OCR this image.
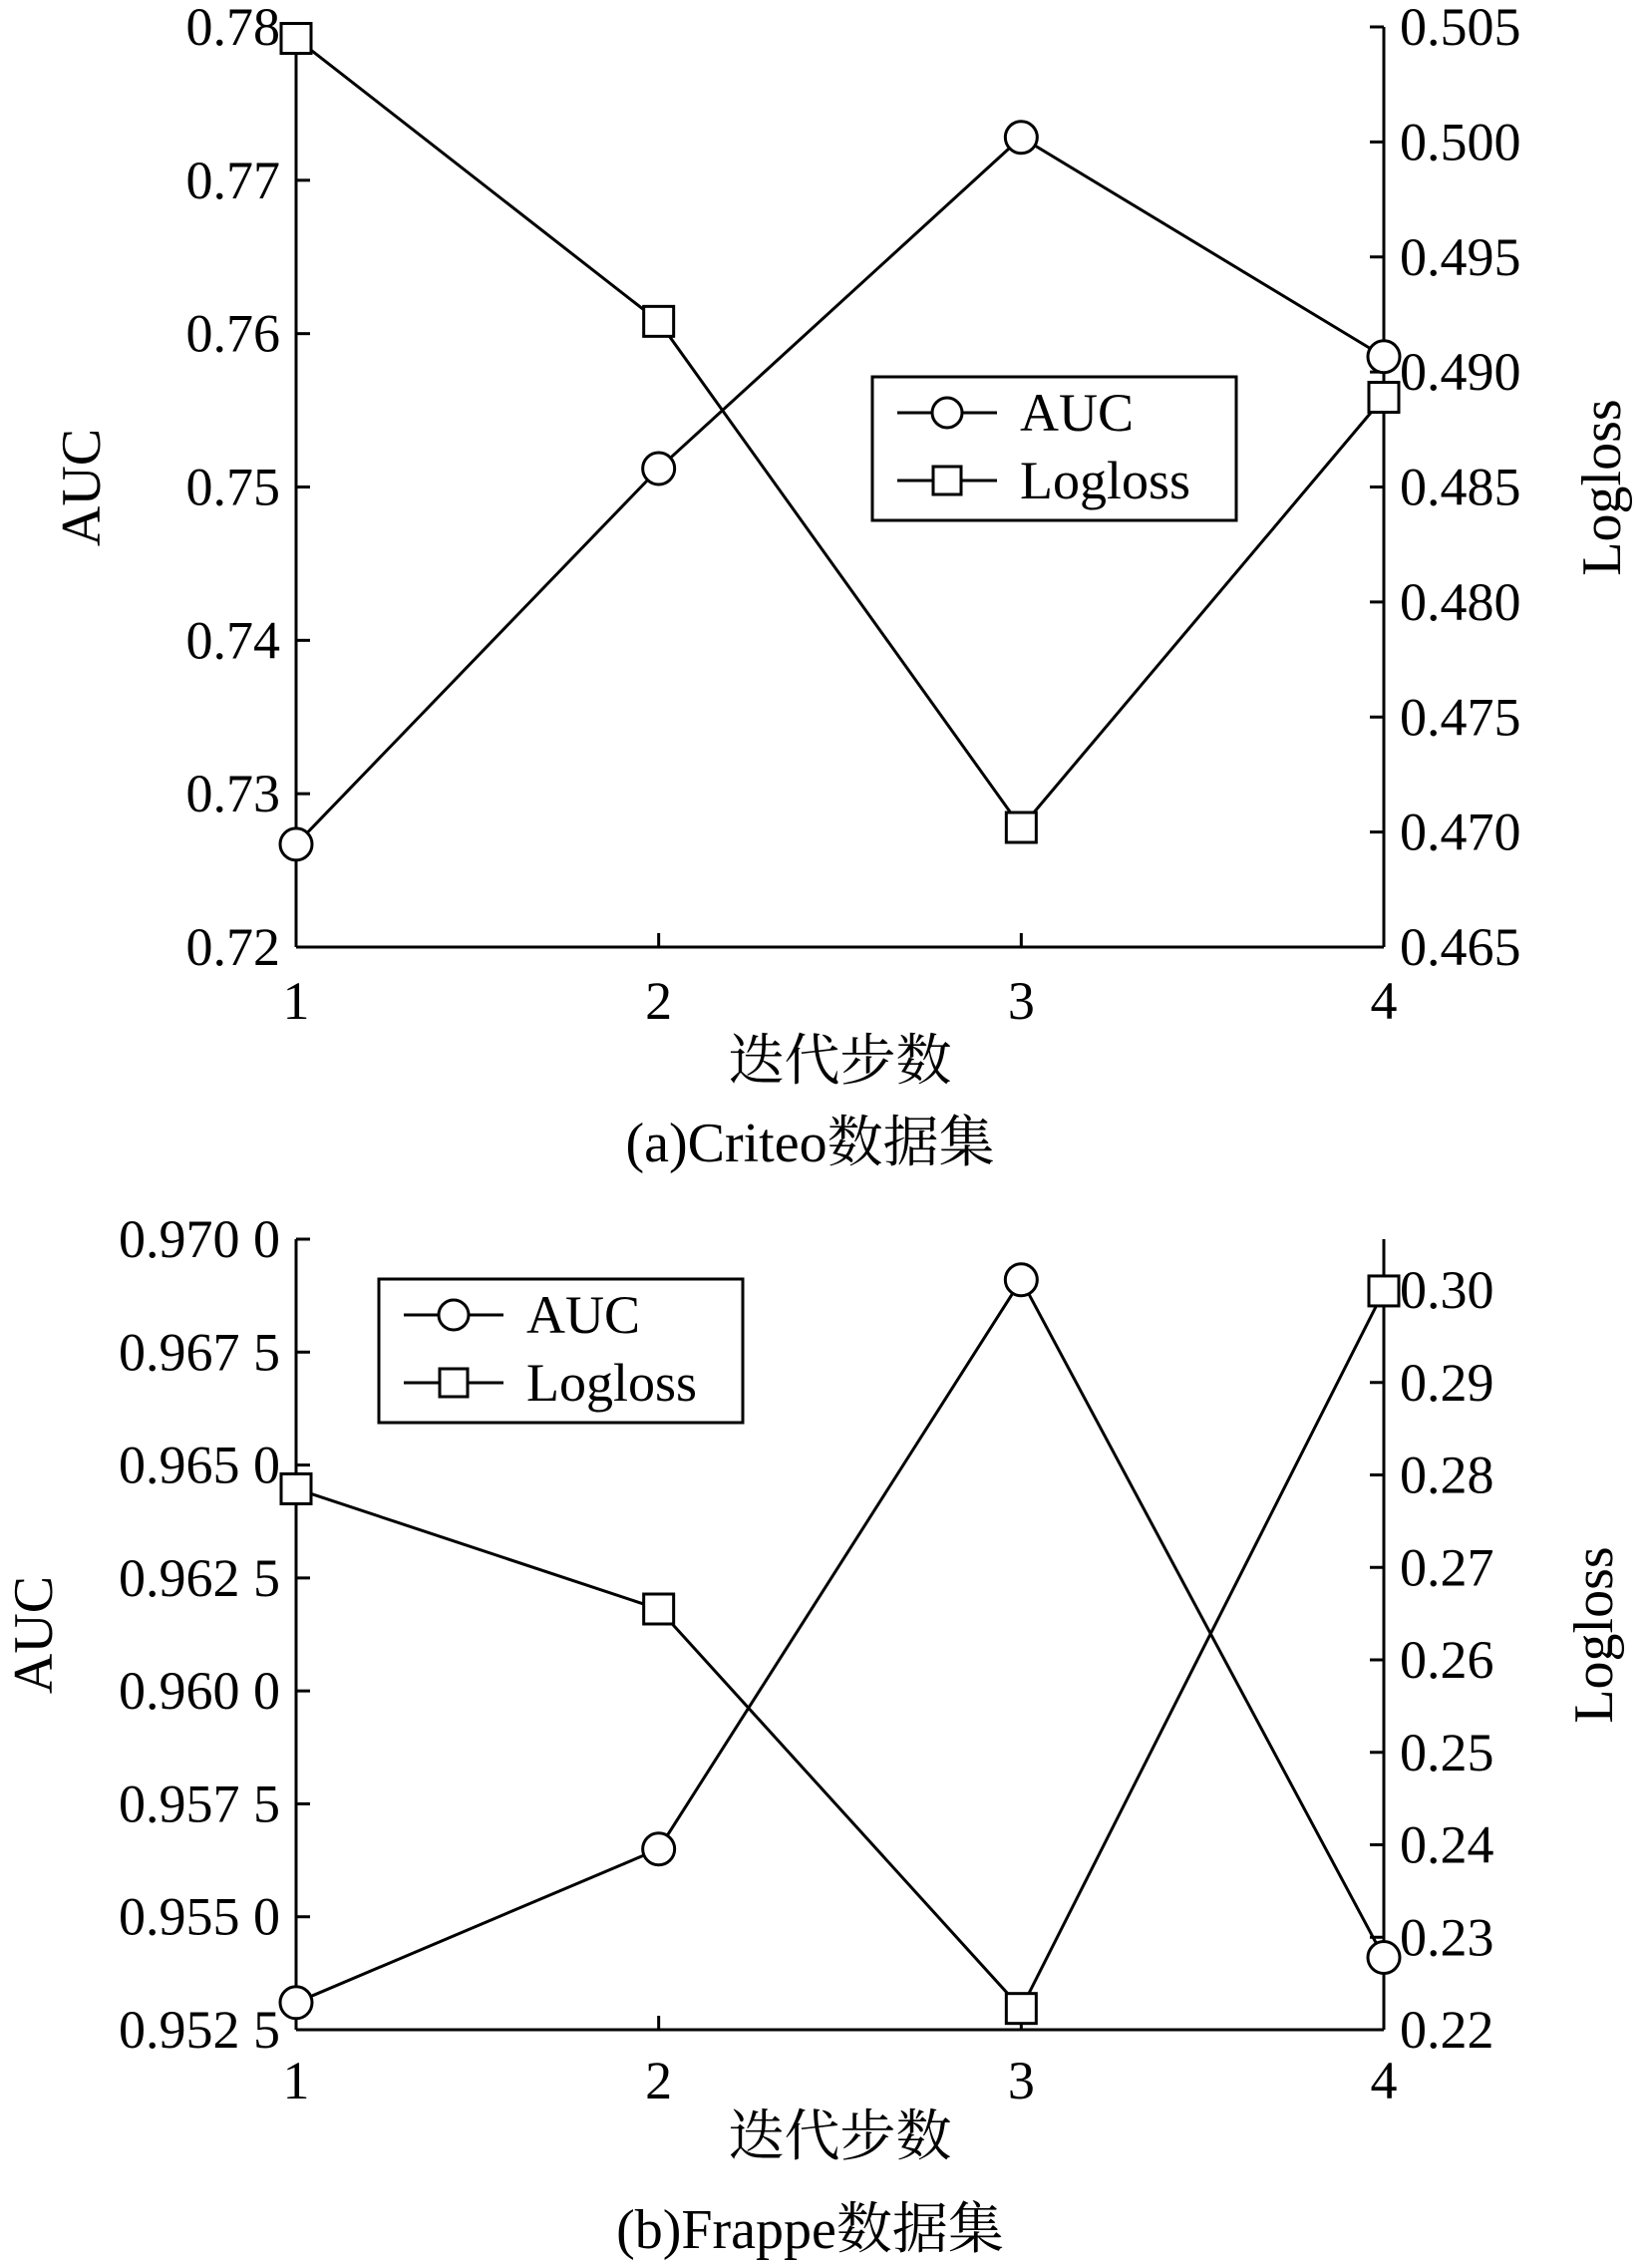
0.72
0.73
0.74
0.75
0.76
0.77
0.78
0.465
0.470
0.475
0.480
0.485
0.490
0.495
0.500
0.505
1	2	3	4
迭代步数
AUC	Logloss
(a)Criteo数据集
AUC
Logloss
0.952 5
0.955 0
0.957 5
0.960 0
0.962 5
0.965 0
0.967 5
0.970 0
0.22
0.23
0.24
0.25
0.26
0.27
0.28
0.29
0.30
1	2	3	4
迭代步数
AUC	Logloss
(b)Frappe数据集
AUC
Logloss
